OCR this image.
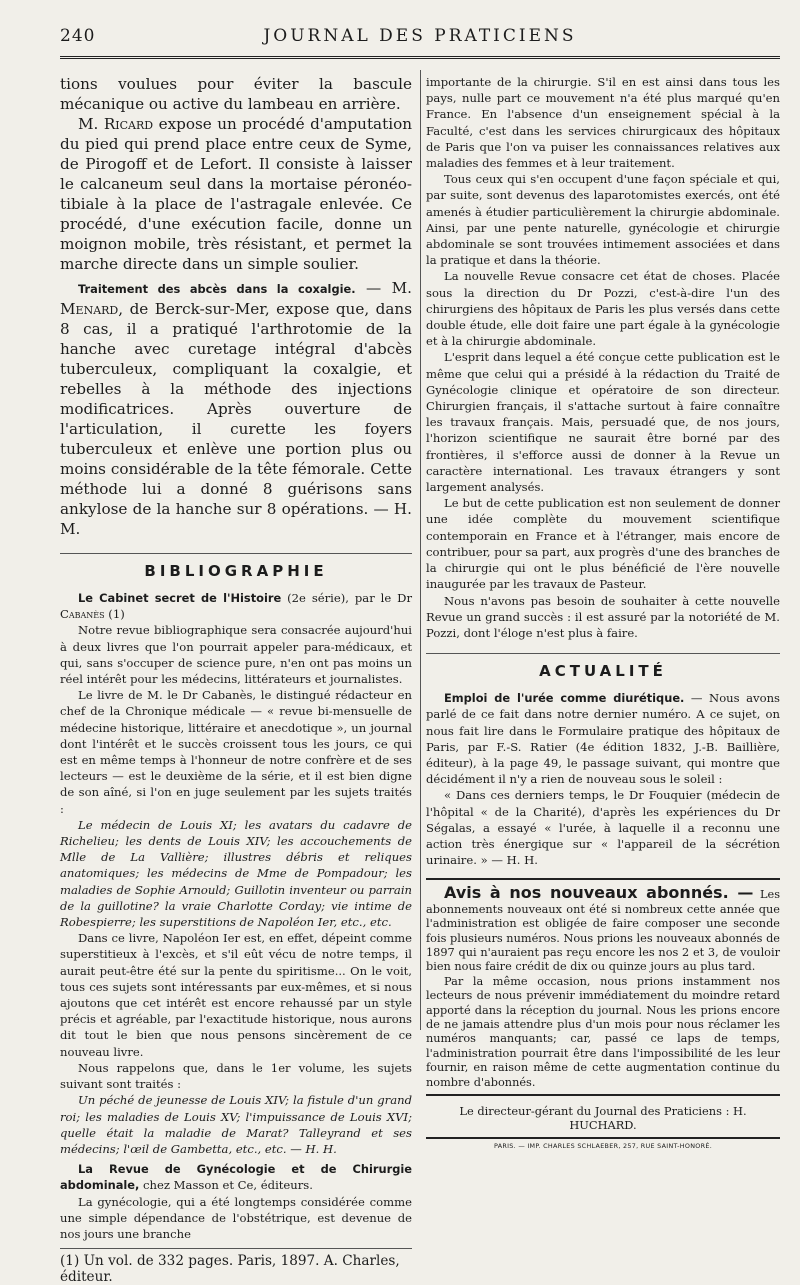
240	JOURNAL DES PRATICIENS

tions voulues pour éviter la bascule mécanique ou active du lambeau en arrière.

M. Ricard expose un procédé d'amputation du pied qui prend place entre ceux de Syme, de Pirogoff et de Lefort. Il consiste à laisser le calcaneum seul dans la mortaise péronéo-tibiale à la place de l'astragale enlevée. Ce procédé, d'une exécution facile, donne un moignon mobile, très résistant, et permet la marche directe dans un simple soulier.

Traitement des abcès dans la coxalgie. — M. Menard, de Berck-sur-Mer, expose que, dans 8 cas, il a pratiqué l'arthrotomie de la hanche avec curetage intégral d'abcès tuberculeux, compliquant la coxalgie, et rebelles à la méthode des injections modificatrices. Après ouverture de l'articulation, il curette les foyers tuberculeux et enlève une portion plus ou moins considérable de la tête fémorale. Cette méthode lui a donné 8 guérisons sans ankylose de la hanche sur 8 opérations. — H. M.

BIBLIOGRAPHIE

Le Cabinet secret de l'Histoire (2e série), par le Dr Cabanès (1)

Notre revue bibliographique sera consacrée aujourd'hui à deux livres que l'on pourrait appeler para-médicaux, et qui, sans s'occuper de science pure, n'en ont pas moins un réel intérêt pour les médecins, littérateurs et journalistes.

Le livre de M. le Dr Cabanès, le distingué rédacteur en chef de la Chronique médicale — « revue bi-mensuelle de médecine historique, littéraire et anecdotique », un journal dont l'intérêt et le succès croissent tous les jours, ce qui est en même temps à l'honneur de notre confrère et de ses lecteurs — est le deuxième de la série, et il est bien digne de son aîné, si l'on en juge seulement par les sujets traités :

Le médecin de Louis XI; les avatars du cadavre de Richelieu; les dents de Louis XIV; les accouchements de Mlle de La Vallière; illustres débris et reliques anatomiques; les médecins de Mme de Pompadour; les maladies de Sophie Arnould; Guillotin inventeur ou parrain de la guillotine? la vraie Charlotte Corday; vie intime de Robespierre; les superstitions de Napoléon Ier, etc., etc.

Dans ce livre, Napoléon Ier est, en effet, dépeint comme superstitieux à l'excès, et s'il eût vécu de notre temps, il aurait peut-être été sur la pente du spiritisme... On le voit, tous ces sujets sont intéressants par eux-mêmes, et si nous ajoutons que cet intérêt est encore rehaussé par un style précis et agréable, par l'exactitude historique, nous aurons dit tout le bien que nous pensons sincèrement de ce nouveau livre.

Nous rappelons que, dans le 1er volume, les sujets suivant sont traités :

Un péché de jeunesse de Louis XIV; la fistule d'un grand roi; les maladies de Louis XV; l'impuissance de Louis XVI; quelle était la maladie de Marat? Talleyrand et ses médecins; l'œil de Gambetta, etc., etc. — H. H.

La Revue de Gynécologie et de Chirurgie abdominale, chez Masson et Ce, éditeurs.

La gynécologie, qui a été longtemps considérée comme une simple dépendance de l'obstétrique, est devenue de nos jours une branche

(1) Un vol. de 332 pages. Paris, 1897. A. Charles, éditeur.

importante de la chirurgie. S'il en est ainsi dans tous les pays, nulle part ce mouvement n'a été plus marqué qu'en France. En l'absence d'un enseignement spécial à la Faculté, c'est dans les services chirurgicaux des hôpitaux de Paris que l'on va puiser les connaissances relatives aux maladies des femmes et à leur traitement.

Tous ceux qui s'en occupent d'une façon spéciale et qui, par suite, sont devenus des laparotomistes exercés, ont été amenés à étudier particulièrement la chirurgie abdominale. Ainsi, par une pente naturelle, gynécologie et chirurgie abdominale se sont trouvées intimement associées et dans la pratique et dans la théorie.

La nouvelle Revue consacre cet état de choses. Placée sous la direction du Dr Pozzi, c'est-à-dire l'un des chirurgiens des hôpitaux de Paris les plus versés dans cette double étude, elle doit faire une part égale à la gynécologie et à la chirurgie abdominale.

L'esprit dans lequel a été conçue cette publication est le même que celui qui a présidé à la rédaction du Traité de Gynécologie clinique et opératoire de son directeur. Chirurgien français, il s'attache surtout à faire connaître les travaux français. Mais, persuadé que, de nos jours, l'horizon scientifique ne saurait être borné par des frontières, il s'efforce aussi de donner à la Revue un caractère international. Les travaux étrangers y sont largement analysés.

Le but de cette publication est non seulement de donner une idée complète du mouvement scientifique contemporain en France et à l'étranger, mais encore de contribuer, pour sa part, aux progrès d'une des branches de la chirurgie qui ont le plus bénéficié de l'ère nouvelle inaugurée par les travaux de Pasteur.

Nous n'avons pas besoin de souhaiter à cette nouvelle Revue un grand succès : il est assuré par la notoriété de M. Pozzi, dont l'éloge n'est plus à faire.

ACTUALITÉ

Emploi de l'urée comme diurétique. — Nous avons parlé de ce fait dans notre dernier numéro. A ce sujet, on nous fait lire dans le Formulaire pratique des hôpitaux de Paris, par F.-S. Ratier (4e édition 1832, J.-B. Baillière, éditeur), à la page 49, le passage suivant, qui montre que décidément il n'y a rien de nouveau sous le soleil :

« Dans ces derniers temps, le Dr Fouquier (médecin de l'hôpital « de la Charité), d'après les expériences du Dr Ségalas, a essayé « l'urée, à laquelle il a reconnu une action très énergique sur « l'appareil de la sécrétion urinaire. » — H. H.

Avis à nos nouveaux abonnés. — Les abonnements nouveaux ont été si nombreux cette année que l'administration est obligée de faire composer une seconde fois plusieurs numéros. Nous prions les nouveaux abonnés de 1897 qui n'auraient pas reçu encore les nos 2 et 3, de vouloir bien nous faire crédit de dix ou quinze jours au plus tard.

Par la même occasion, nous prions instamment nos lecteurs de nous prévenir immédiatement du moindre retard apporté dans la réception du journal. Nous les prions encore de ne jamais attendre plus d'un mois pour nous réclamer les numéros manquants; car, passé ce laps de temps, l'administration pourrait être dans l'impossibilité de les leur fournir, en raison même de cette augmentation continue du nombre d'abonnés.

Le directeur-gérant du Journal des Praticiens : H. HUCHARD.
PARIS. — IMP. CHARLES SCHLAEBER, 257, RUE SAINT-HONORÉ.
